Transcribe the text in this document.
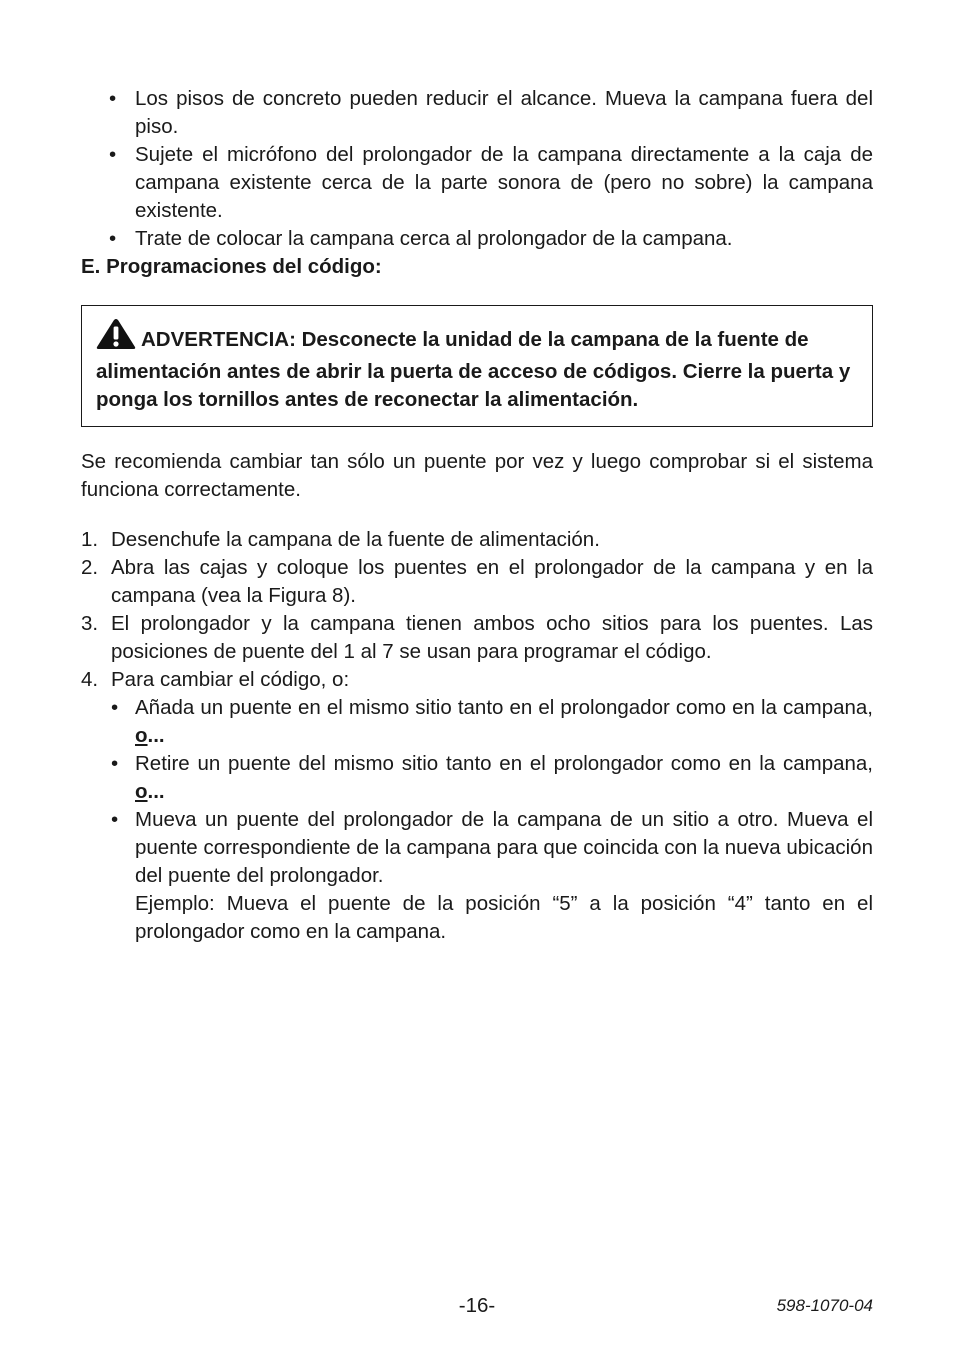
• Los pisos de concreto pueden reducir el alcance. Mueva la campana fuera del piso.
• Sujete el micrófono del prolongador de la campana directamente a la caja de campana existente cerca de la parte sonora de (pero no sobre) la campana existente.
• Trate de colocar la campana cerca al prolongador de la campana.

E. Programaciones del código:

ADVERTENCIA: Desconecte la unidad de la campana de la fuente de alimentación antes de abrir la puerta de acceso de códigos. Cierre la puerta y ponga los tornillos antes de reconectar la alimentación.

Se recomienda cambiar tan sólo un puente por vez y luego comprobar si el sistema funciona correctamente.

1. Desenchufe la campana de la fuente de alimentación.
2. Abra las cajas y coloque los puentes en el prolongador de la campana y en la campana (vea la Figura 8).
3. El prolongador y la campana tienen ambos ocho sitios para los puentes. Las posiciones de puente del 1 al 7 se usan para programar el código.
4. Para cambiar el código, o:
• Añada un puente en el mismo sitio tanto en el prolongador como en la campana, o...
• Retire un puente del mismo sitio tanto en el prolongador como en la campana, o...
• Mueva un puente del prolongador de la campana de un sitio a otro. Mueva el puente correspondiente de la campana para que coincida con la nueva ubicación del puente del prolongador.
Ejemplo: Mueva el puente de la posición “5” a la posición “4” tanto en el prolongador como en la campana.
-16-	598-1070-04
